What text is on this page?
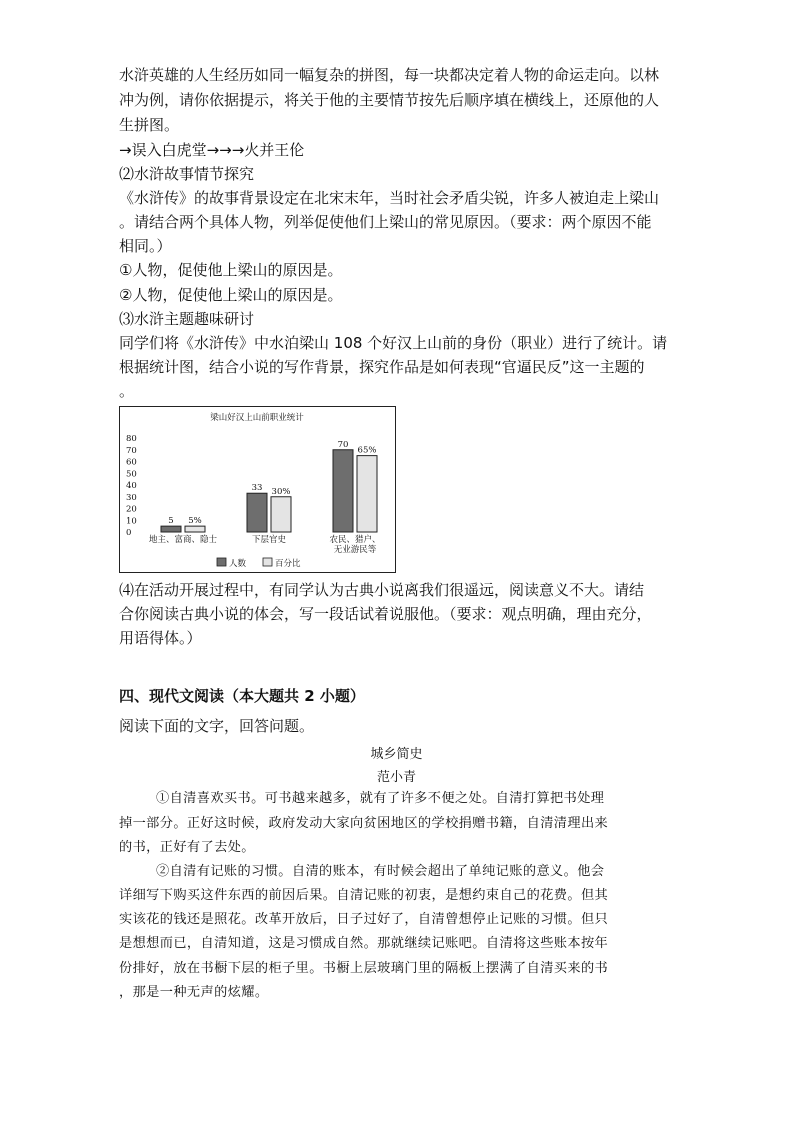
水浒英雄的人生经历如同一幅复杂的拼图，每一块都决定着人物的命运走向。以林
冲为例，请你依据提示，将关于他的主要情节按先后顺序填在横线上，还原他的人
生拼图。
→误入白虎堂→→→火并王伦
⑵水浒故事情节探究
《水浒传》的故事背景设定在北宋末年，当时社会矛盾尖锐，许多人被迫走上梁山
。请结合两个具体人物，列举促使他们上梁山的常见原因。（要求：两个原因不能
相同。）
①人物，促使他上梁山的原因是。
②人物，促使他上梁山的原因是。
⑶水浒主题趣味研讨
同学们将《水浒传》中水泊梁山 108 个好汉上山前的身份（职业）进行了统计。请
根据统计图，结合小说的写作背景，探究作品是如何表现“官逼民反”这一主题的
。
梁山好汉上山前职业统计
0
10
20
30
40
50
60
70
80
5
33
70
5%
30%
65%
地主、富商、隐士	下层官史	农民、猎户、
无业游民等
人数	百分比
⑷在活动开展过程中，有同学认为古典小说离我们很遥远，阅读意义不大。请结
合你阅读古典小说的体会，写一段话试着说服他。（要求：观点明确，理由充分，
用语得体。）
四、现代文阅读（本大题共 2 小题）
阅读下面的文字，回答问题。
城乡简史
范小青
①自清喜欢买书。可书越来越多，就有了许多不便之处。自清打算把书处理
掉一部分。正好这时候，政府发动大家向贫困地区的学校捐赠书籍，自清清理出来
的书，正好有了去处。
②自清有记账的习惯。自清的账本，有时候会超出了单纯记账的意义。他会
详细写下购买这件东西的前因后果。自清记账的初衷，是想约束自己的花费。但其
实该花的钱还是照花。改革开放后，日子过好了，自清曾想停止记账的习惯。但只
是想想而已，自清知道，这是习惯成自然。那就继续记账吧。自清将这些账本按年
份排好，放在书橱下层的柜子里。书橱上层玻璃门里的隔板上摆满了自清买来的书
，那是一种无声的炫耀。
